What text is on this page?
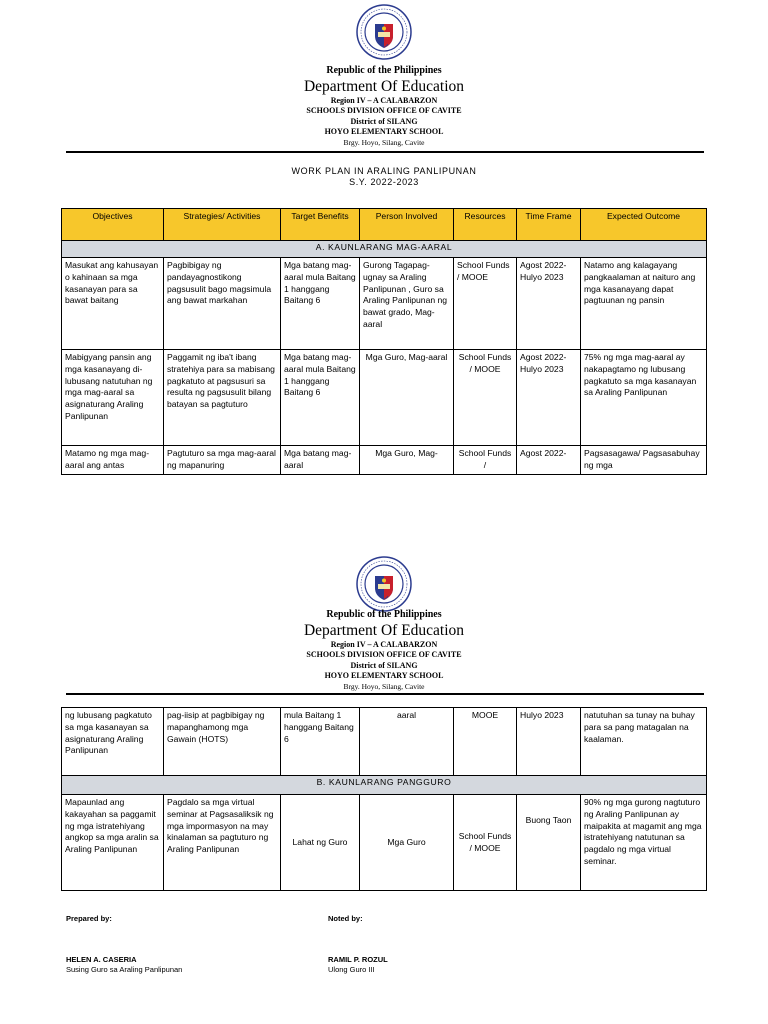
Republic of the Philippines
Department Of Education
Region IV – A CALABARZON
SCHOOLS DIVISION OFFICE OF CAVITE
District of SILANG
HOYO ELEMENTARY SCHOOL
Brgy. Hoyo, Silang, Cavite
WORK PLAN IN ARALING PANLIPUNAN
S.Y. 2022-2023
Objectives	Strategies/ Activities	Target Benefits	Person Involved	Resources	Time Frame	Expected Outcome
A. KAUNLARANG MAG-AARAL						
Masukat ang kahusayan o kahinaan sa mga kasanayan para sa bawat baitang	Pagbibigay ng pandayagnostikong pagsusulit bago magsimula ang bawat markahan	Mga batang mag-aaral mula Baitang 1 hanggang Baitang 6	Gurong Tagapag-ugnay sa Araling Panlipunan , Guro sa Araling Panlipunan ng bawat grado, Mag-aaral	School Funds / MOOE	Agost 2022-Hulyo 2023	Natamo ang kalagayang pangkaalaman at naituro ang mga kasanayang dapat pagtuunan ng pansin
Mabigyang pansin ang mga kasanayang di-lubusang natutuhan ng mga mag-aaral sa asignaturang Araling Panlipunan	Paggamit ng iba't ibang stratehiya para sa mabisang pagkatuto at pagsusuri sa resulta ng pagsusulit bilang batayan sa pagtuturo	Mga batang mag-aaral mula Baitang 1 hanggang Baitang 6	Mga Guro, Mag-aaral	School Funds / MOOE	Agost 2022-Hulyo 2023	75% ng mga mag-aaral ay nakapagtamo ng lubusang pagkatuto sa mga kasanayan sa Araling Panlipunan
Matamo ng mga mag-aaral ang antas	Pagtuturo sa mga mag-aaral ng mapanuring	Mga batang mag-aaral	Mga Guro, Mag-	School Funds /	Agost 2022-	Pagsasagawa/ Pagsasabuhay ng mga
Republic of the Philippines
Department Of Education
Region IV – A CALABARZON
SCHOOLS DIVISION OFFICE OF CAVITE
District of SILANG
HOYO ELEMENTARY SCHOOL
Brgy. Hoyo, Silang, Cavite
ng lubusang pagkatuto sa mga kasanayan sa asignaturang Araling Panlipunan	pag-iisip at pagbibigay ng mapanghamong mga Gawain (HOTS)	mula Baitang 1 hanggang Baitang 6	aaral	MOOE	Hulyo 2023	natutuhan sa tunay na buhay para sa pang matagalan na kaalaman.
B. KAUNLARANG PANGGURO						
Mapaunlad ang kakayahan sa paggamit ng mga istratehiyang angkop sa mga aralin sa Araling Panlipunan	Pagdalo sa mga virtual seminar at Pagsasaliksik ng mga impormasyon na may kinalaman sa pagtuturo ng Araling Panlipunan	Lahat ng Guro	Mga Guro	School Funds / MOOE	Buong Taon	90% ng mga gurong nagtuturo ng Araling Panlipunan ay maipakita at magamit ang mga istratehiyang natutunan sa pagdalo ng mga virtual seminar.
Prepared by:	Noted by:
HELEN A. CASERIA
Susing Guro sa Araling Panlipunan
RAMIL P. ROZUL
Ulong Guro III
